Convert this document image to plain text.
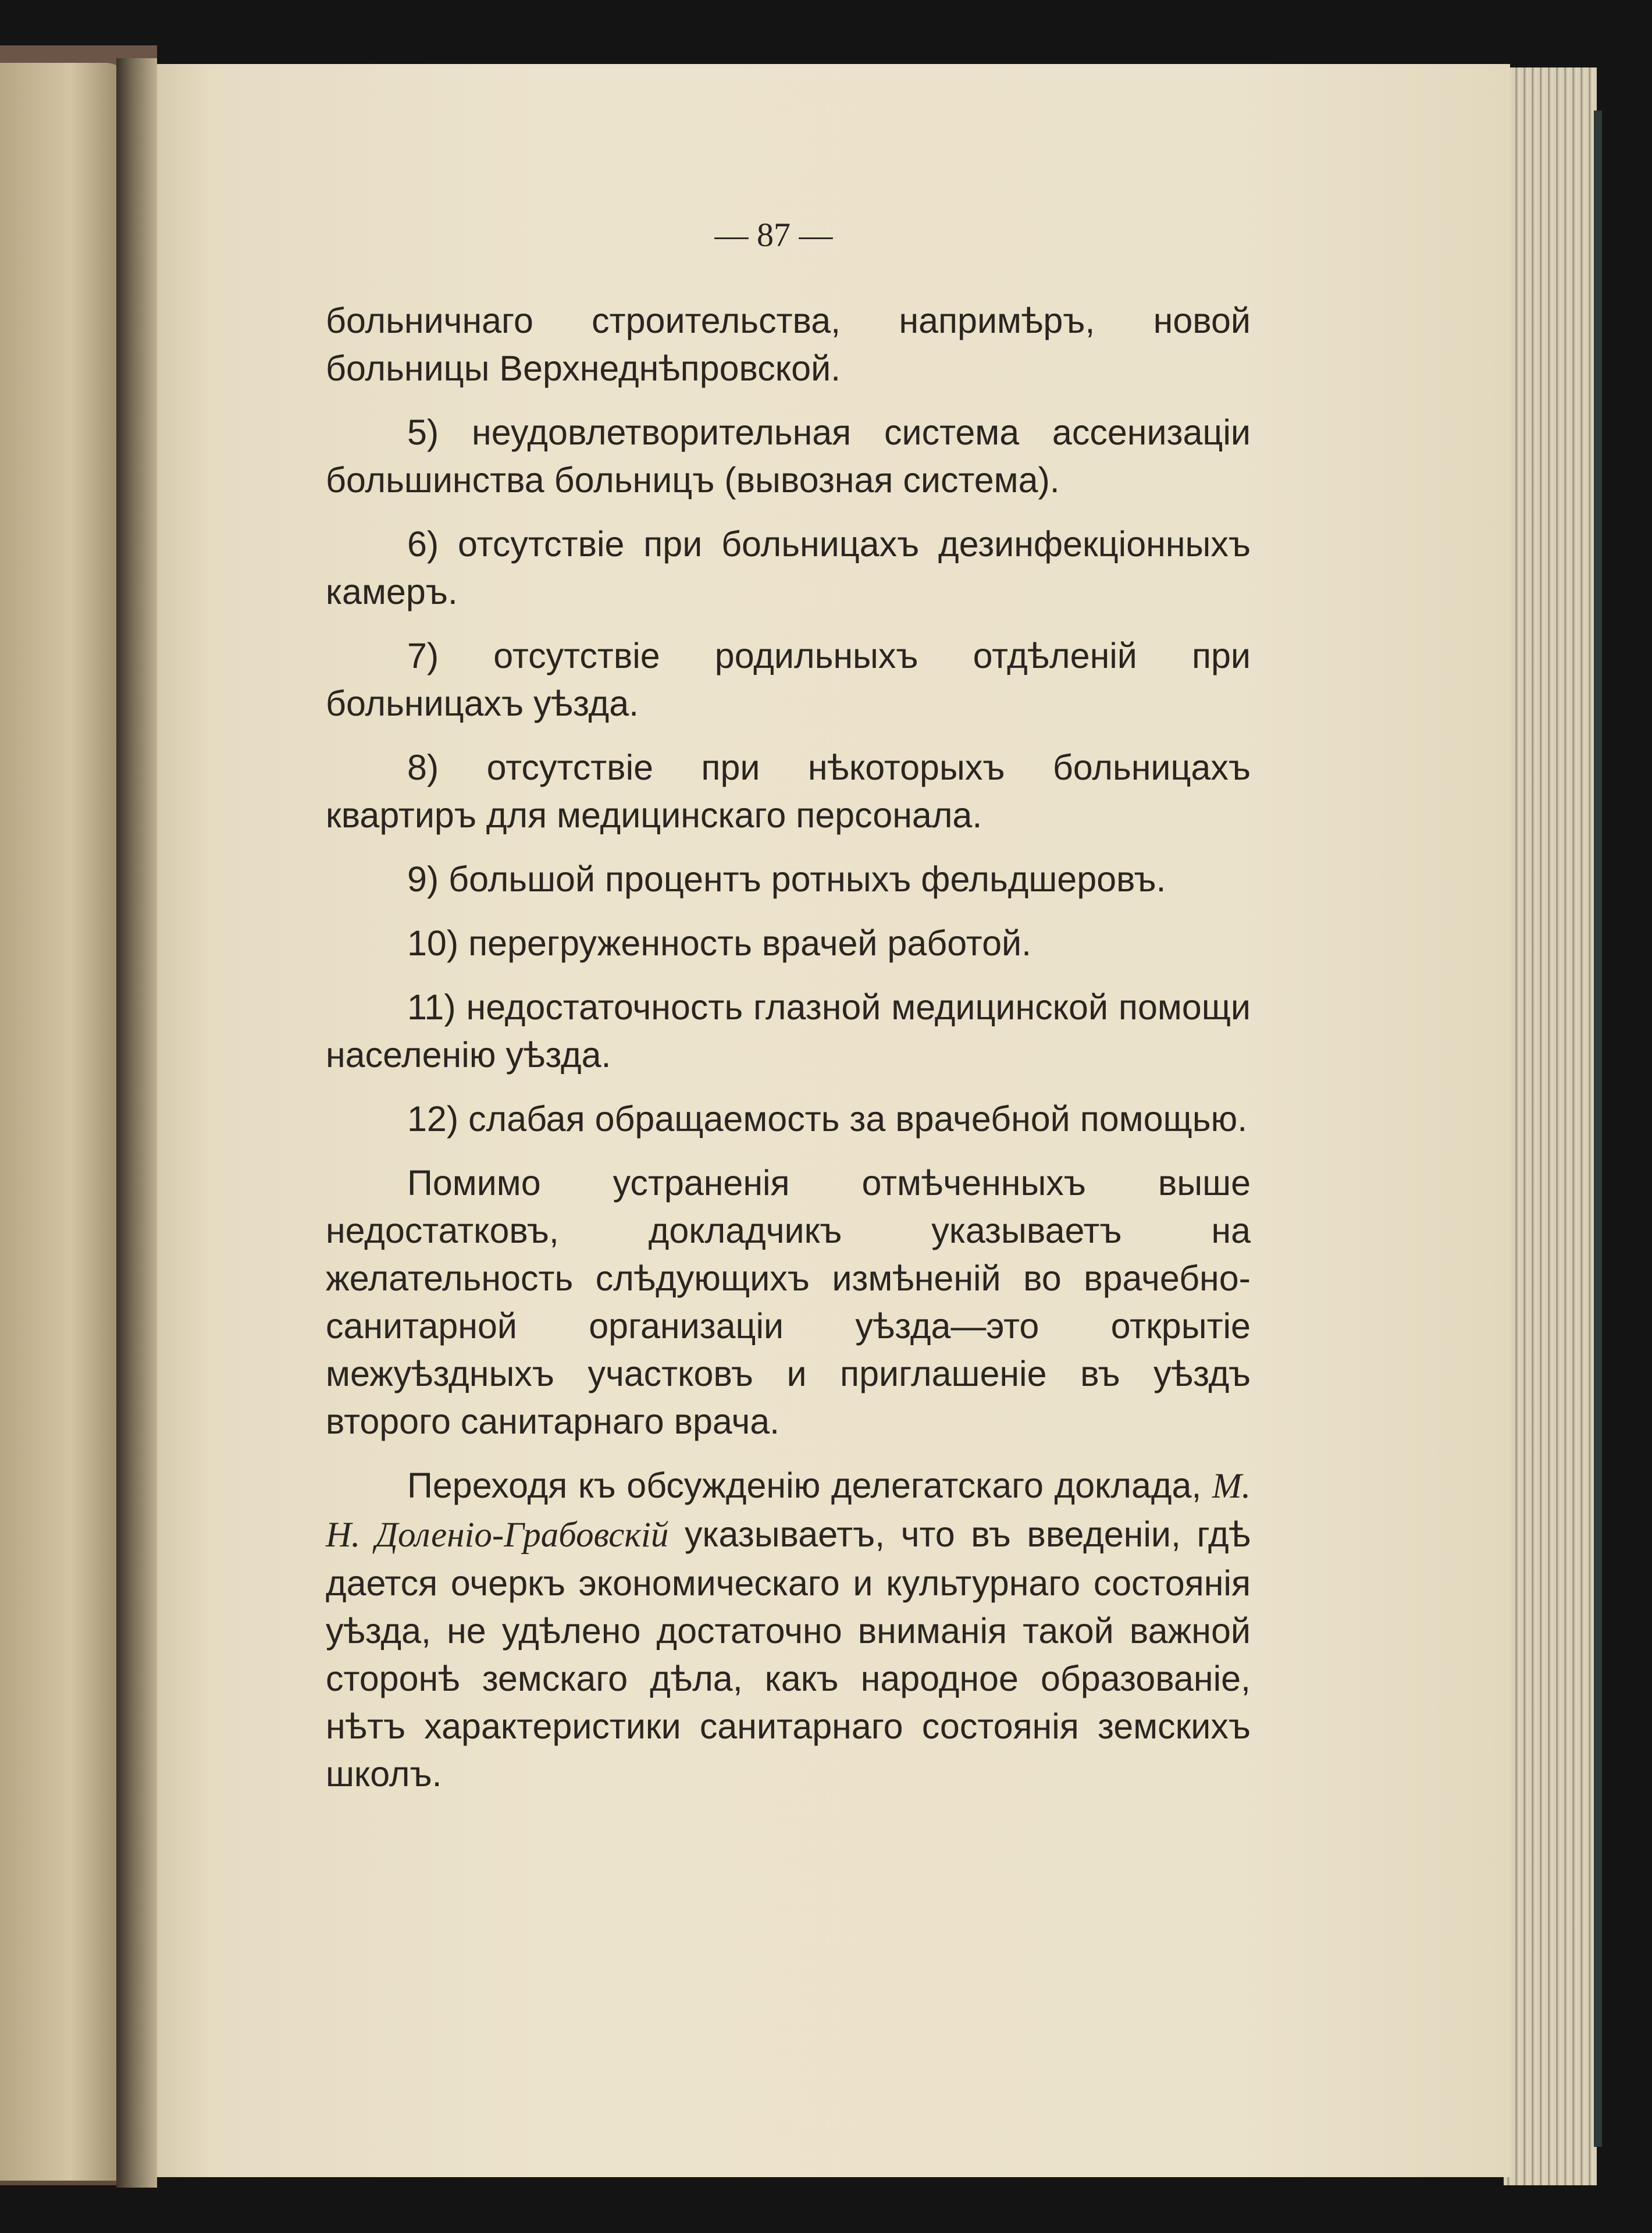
— 87 —

больничнаго строительства, напримѣръ, новой больницы Верхнеднѣпровской.

5) неудовлетворительная система ассенизаціи большинства больницъ (вывозная система).

6) отсутствіе при больницахъ дезинфекціонныхъ камеръ.

7) отсутствіе родильныхъ отдѣленій при больницахъ уѣзда.

8) отсутствіе при нѣкоторыхъ больницахъ квартиръ для медицинскаго персонала.

9) большой процентъ ротныхъ фельдшеровъ.

10) перегруженность врачей работой.

11) недостаточность глазной медицинской помощи населенію уѣзда.

12) слабая обращаемость за врачебной помощью.

Помимо устраненія отмѣченныхъ выше недостатковъ, докладчикъ указываетъ на желательность слѣдующихъ измѣненій во врачебно-санитарной организаціи уѣзда—это открытіе межуѣздныхъ участковъ и приглашеніе въ уѣздъ второго санитарнаго врача.

Переходя къ обсужденію делегатскаго доклада, М. Н. Доленіо-Грабовскій указываетъ, что въ введеніи, гдѣ дается очеркъ экономическаго и культурнаго состоянія уѣзда, не удѣлено достаточно вниманія такой важной сторонѣ земскаго дѣла, какъ народное образованіе, нѣтъ характеристики санитарнаго состоянія земскихъ школъ.
